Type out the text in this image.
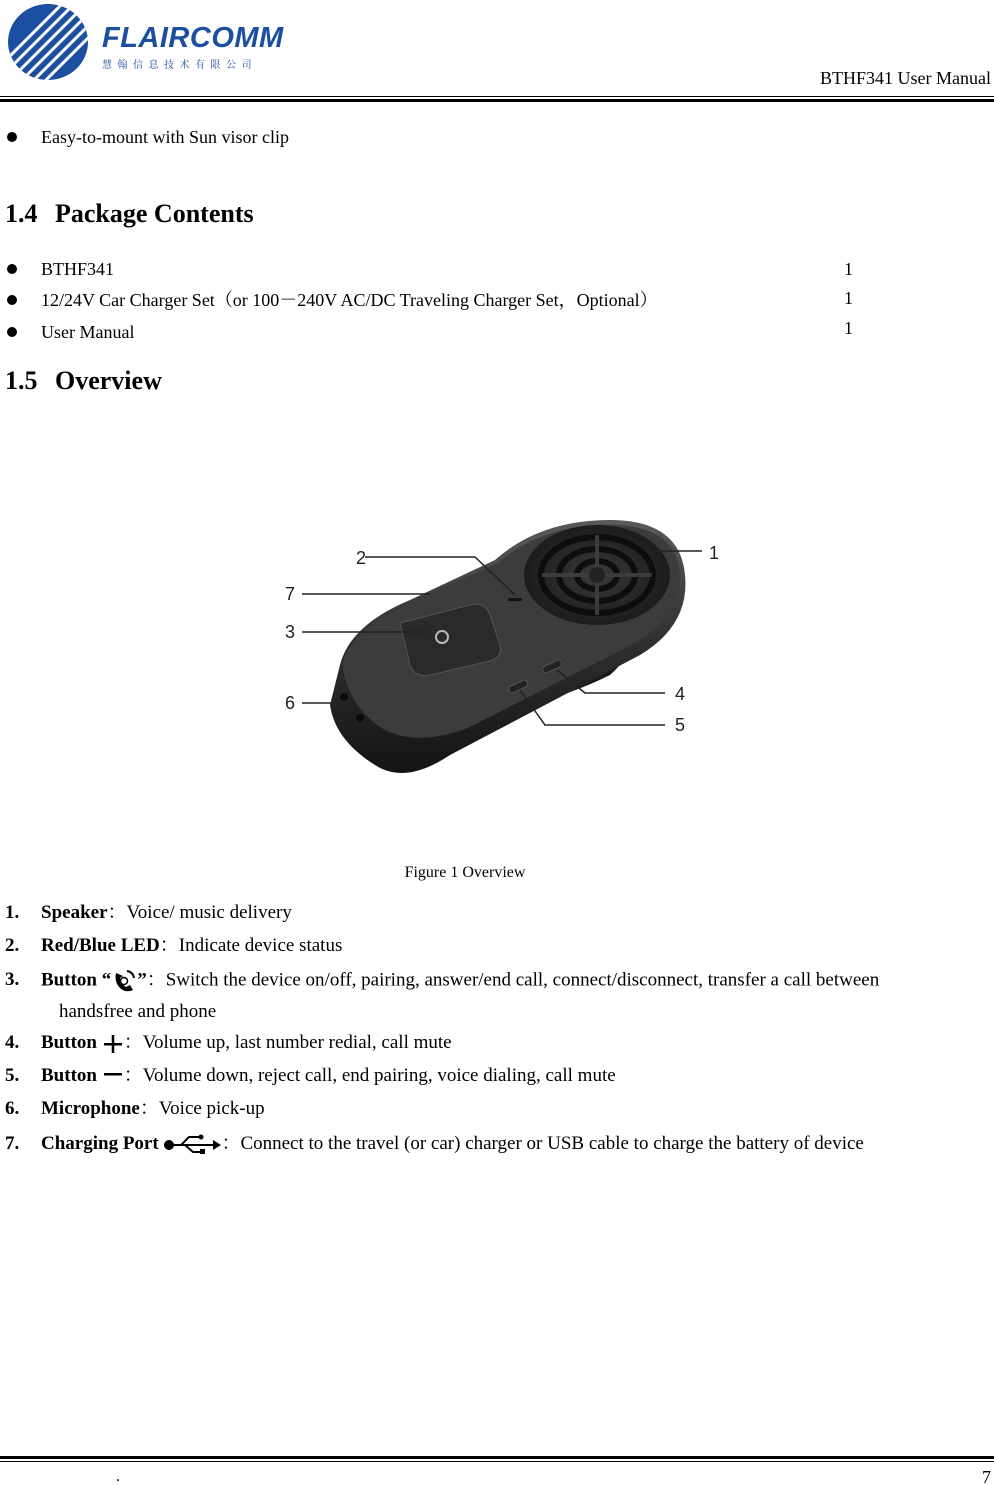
FLAIRCOMM
慧翰信息技术有限公司
BTHF341 User Manual
Easy-to-mount with Sun visor clip
1.4 Package Contents
BTHF341	1
12/24V Car Charger Set（or 100－240V AC/DC Traveling Charger Set，Optional）	1
User Manual	1
1.5 Overview
1
2
3
4
5
6
7
Figure 1 Overview
1. Speaker：Voice/ music delivery
2. Red/Blue LED：Indicate device status
3. Button “ ”：Switch the device on/off, pairing, answer/end call, connect/disconnect, transfer a call between
handsfree and phone
4. Button ：Volume up, last number redial, call mute
5. Button ：Volume down, reject call, end pairing, voice dialing, call mute
6. Microphone：Voice pick-up
7. Charging Port	：Connect to the travel (or car) charger or USB cable to charge the battery of device
.	7
